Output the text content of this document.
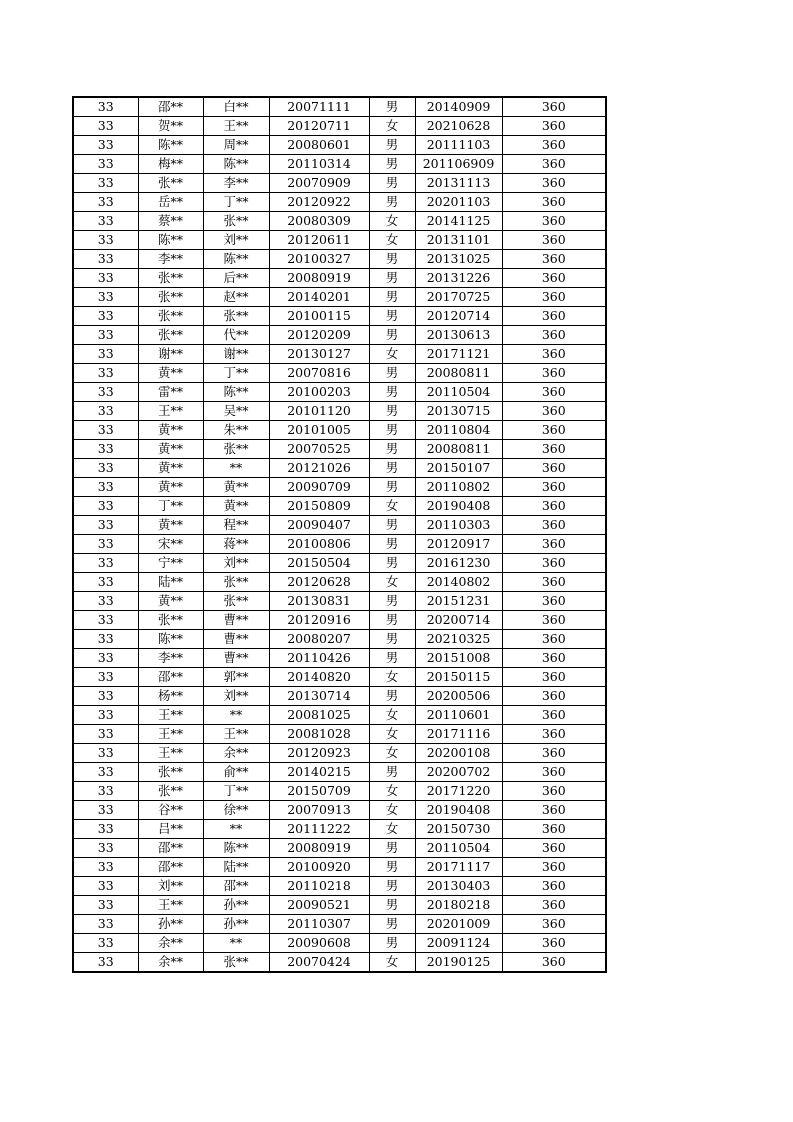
33	邵**	白**	20071111	男	20140909	360
33	贺**	王**	20120711	女	20210628	360
33	陈**	周**	20080601	男	20111103	360
33	梅**	陈**	20110314	男	201106909	360
33	张**	李**	20070909	男	20131113	360
33	岳**	丁**	20120922	男	20201103	360
33	蔡**	张**	20080309	女	20141125	360
33	陈**	刘**	20120611	女	20131101	360
33	李**	陈**	20100327	男	20131025	360
33	张**	后**	20080919	男	20131226	360
33	张**	赵**	20140201	男	20170725	360
33	张**	张**	20100115	男	20120714	360
33	张**	代**	20120209	男	20130613	360
33	谢**	谢**	20130127	女	20171121	360
33	黄**	丁**	20070816	男	20080811	360
33	雷**	陈**	20100203	男	20110504	360
33	王**	吴**	20101120	男	20130715	360
33	黄**	朱**	20101005	男	20110804	360
33	黄**	张**	20070525	男	20080811	360
33	黄**	**	20121026	男	20150107	360
33	黄**	黄**	20090709	男	20110802	360
33	丁**	黄**	20150809	女	20190408	360
33	黄**	程**	20090407	男	20110303	360
33	宋**	蒋**	20100806	男	20120917	360
33	宁**	刘**	20150504	男	20161230	360
33	陆**	张**	20120628	女	20140802	360
33	黄**	张**	20130831	男	20151231	360
33	张**	曹**	20120916	男	20200714	360
33	陈**	曹**	20080207	男	20210325	360
33	李**	曹**	20110426	男	20151008	360
33	邵**	郭**	20140820	女	20150115	360
33	杨**	刘**	20130714	男	20200506	360
33	王**	**	20081025	女	20110601	360
33	王**	王**	20081028	女	20171116	360
33	王**	余**	20120923	女	20200108	360
33	张**	俞**	20140215	男	20200702	360
33	张**	丁**	20150709	女	20171220	360
33	谷**	徐**	20070913	女	20190408	360
33	吕**	**	20111222	女	20150730	360
33	邵**	陈**	20080919	男	20110504	360
33	邵**	陆**	20100920	男	20171117	360
33	刘**	邵**	20110218	男	20130403	360
33	王**	孙**	20090521	男	20180218	360
33	孙**	孙**	20110307	男	20201009	360
33	余**	**	20090608	男	20091124	360
33	余**	张**	20070424	女	20190125	360
